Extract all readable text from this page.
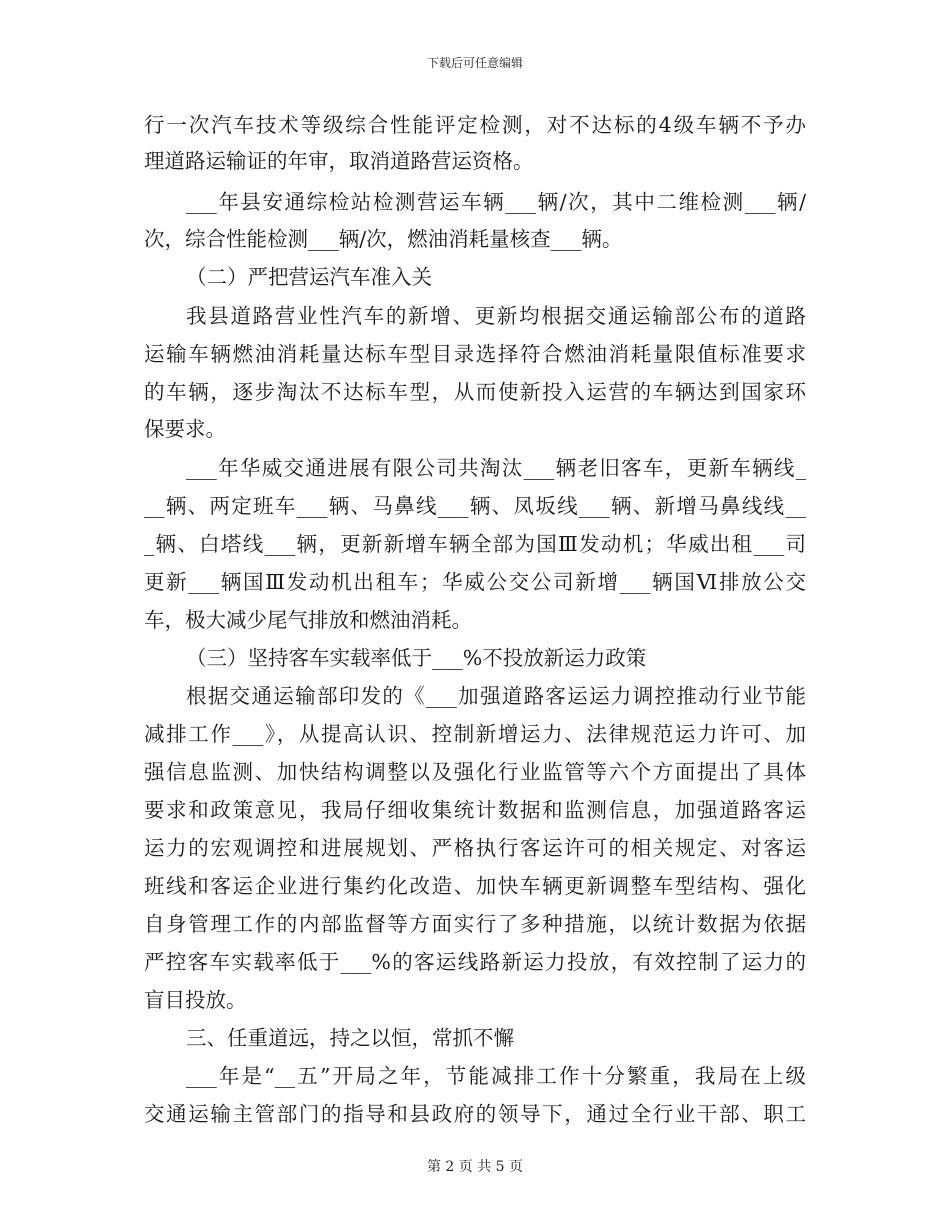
下载后可任意编辑
行一次汽车技术等级综合性能评定检测，对不达标的4级车辆不予办
理道路运输证的年审，取消道路营运资格。
___年县安通综检站检测营运车辆___辆/次，其中二维检测___辆/
次，综合性能检测___辆/次，燃油消耗量核查___辆。
（二）严把营运汽车准入关
我县道路营业性汽车的新增、更新均根据交通运输部公布的道路
运输车辆燃油消耗量达标车型目录选择符合燃油消耗量限值标准要求
的车辆，逐步淘汰不达标车型，从而使新投入运营的车辆达到国家环
保要求。
___年华威交通进展有限公司共淘汰___辆老旧客车，更新车辆线_
__辆、两定班车___辆、马鼻线___辆、凤坂线___辆、新增马鼻线线__
_辆、白塔线___辆，更新新增车辆全部为国Ⅲ发动机；华威出租___司
更新___辆国Ⅲ发动机出租车；华威公交公司新增___辆国Ⅵ排放公交
车，极大减少尾气排放和燃油消耗。
（三）坚持客车实载率低于___%不投放新运力政策
根据交通运输部印发的《___加强道路客运运力调控推动行业节能
减排工作___》，从提高认识、控制新增运力、法律规范运力许可、加
强信息监测、加快结构调整以及强化行业监管等六个方面提出了具体
要求和政策意见，我局仔细收集统计数据和监测信息，加强道路客运
运力的宏观调控和进展规划、严格执行客运许可的相关规定、对客运
班线和客运企业进行集约化改造、加快车辆更新调整车型结构、强化
自身管理工作的内部监督等方面实行了多种措施，以统计数据为依据
严控客车实载率低于___%的客运线路新运力投放，有效控制了运力的
盲目投放。
三、任重道远，持之以恒，常抓不懈
___年是“__五”开局之年，节能减排工作十分繁重，我局在上级
交通运输主管部门的指导和县政府的领导下，通过全行业干部、职工
第 2 页 共 5 页
